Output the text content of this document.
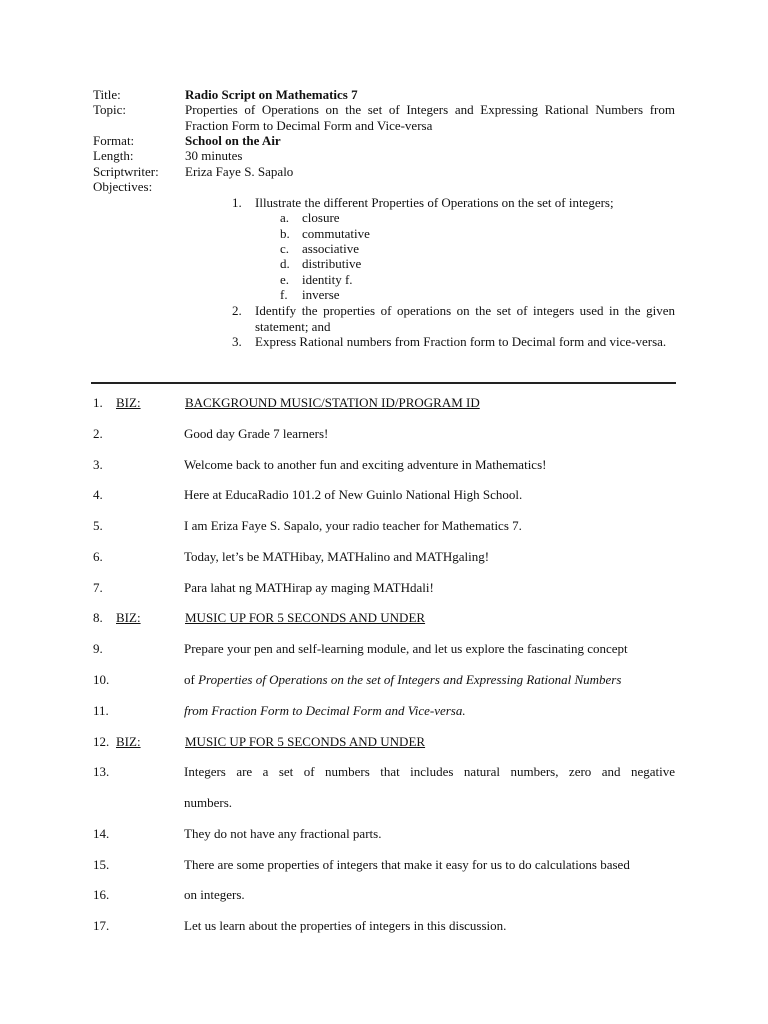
Title:	Radio Script on Mathematics 7
Topic:	Properties of Operations on the set of Integers and Expressing Rational Numbers from Fraction Form to Decimal Form and Vice-versa
Format:	School on the Air
Length:	30 minutes
Scriptwriter:	Eriza Faye S. Sapalo
Objectives:
1.	Illustrate the different Properties of Operations on the set of integers;
a. closure
b. commutative
c. associative
d. distributive
e. identity f.
f.	inverse
2.	Identify the properties of operations on the set of integers used in the given statement; and
3.	Express Rational numbers from Fraction form to Decimal form and vice-versa.
1.	BIZ:	BACKGROUND MUSIC/STATION ID/PROGRAM ID
2.	Good day Grade 7 learners!
3.	Welcome back to another fun and exciting adventure in Mathematics!
4.	Here at EducaRadio 101.2 of New Guinlo National High School.
5.	I am Eriza Faye S. Sapalo, your radio teacher for Mathematics 7.
6.	Today, let’s be MATHibay, MATHalino and MATHgaling!
7.	Para lahat ng MATHirap ay maging MATHdali!
8.	BIZ:	MUSIC UP FOR 5 SECONDS AND UNDER
9.	Prepare your pen and self-learning module, and let us explore the fascinating concept
10.	of Properties of Operations on the set of Integers and Expressing Rational Numbers
11.	from Fraction Form to Decimal Form and Vice-versa.
12. BIZ:	MUSIC UP FOR 5 SECONDS AND UNDER
13.	Integers are a set of numbers that includes natural numbers, zero and negative
numbers.
14.	They do not have any fractional parts.
15.	There are some properties of integers that make it easy for us to do calculations based
16.	on integers.
17.	Let us learn about the properties of integers in this discussion.
